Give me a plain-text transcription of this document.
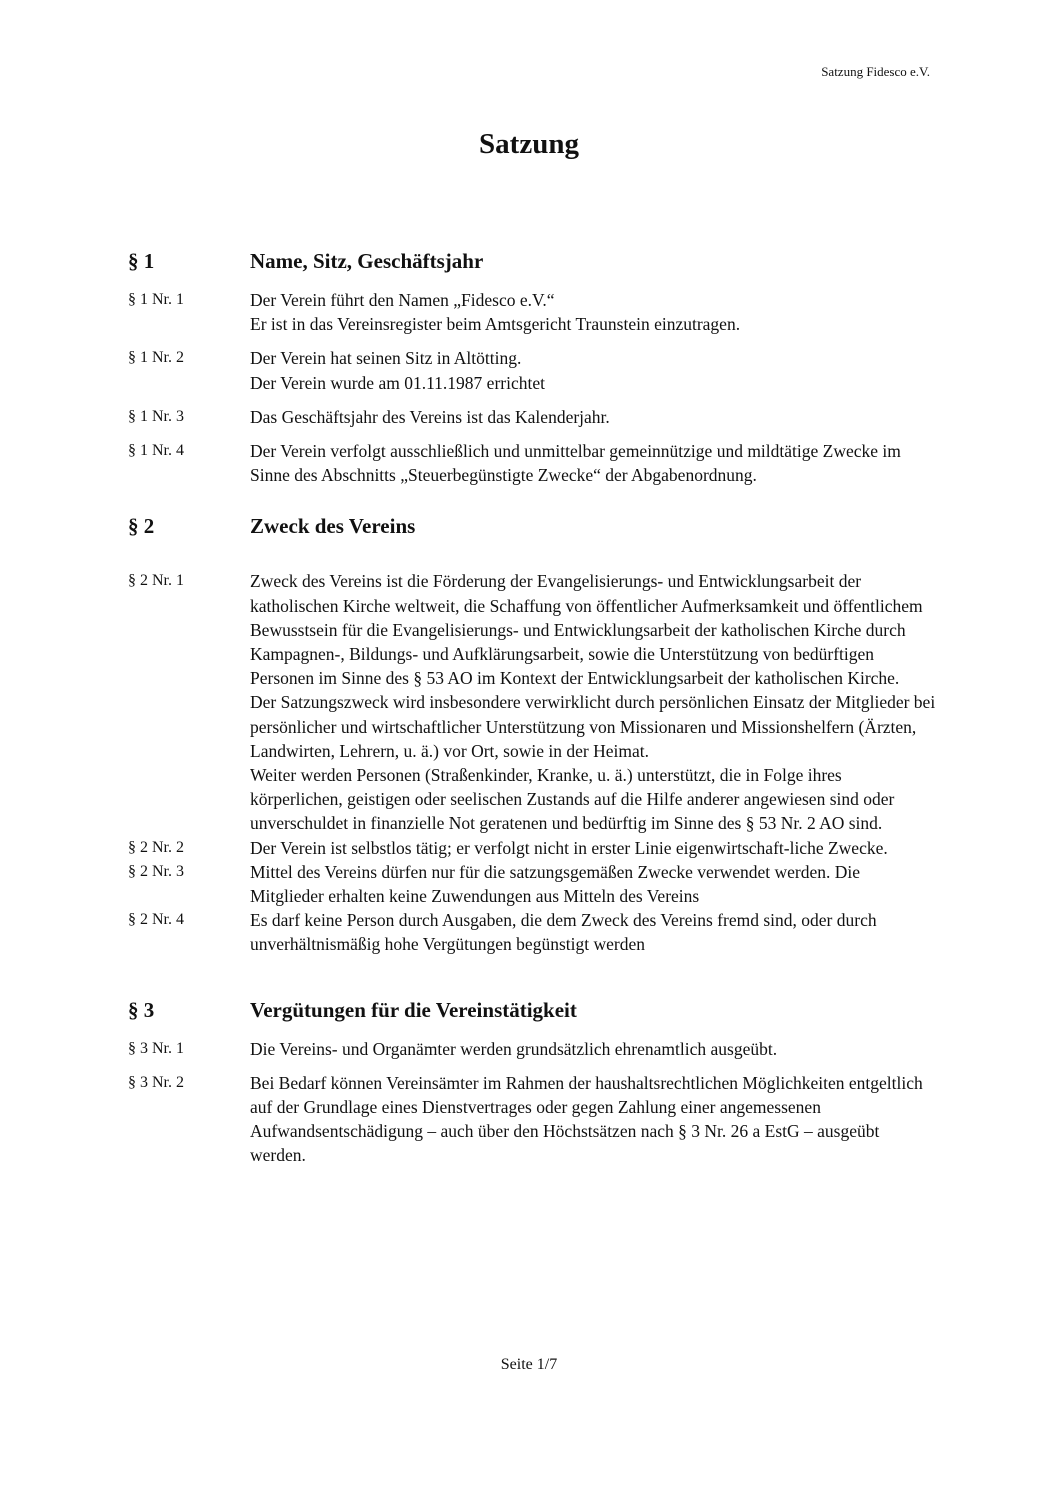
Satzung Fidesco e.V.
Satzung
§ 1	Name, Sitz, Geschäftsjahr
§ 1 Nr. 1	Der Verein führt den Namen „Fidesco e.V.“

Er ist in das Vereinsregister beim Amtsgericht Traunstein einzutragen.

§ 1 Nr. 2	Der Verein hat seinen Sitz in Altötting.

Der Verein wurde am 01.11.1987 errichtet

§ 1 Nr. 3	Das Geschäftsjahr des Vereins ist das Kalenderjahr.

§ 1 Nr. 4	Der Verein verfolgt ausschließlich und unmittelbar gemeinnützige und mildtätige Zwecke im Sinne des Abschnitts „Steuerbegünstigte Zwecke“ der Abgabenordnung.

§ 2	Zweck des Vereins
§ 2 Nr. 1	Zweck des Vereins ist die Förderung der Evangelisierungs- und Entwicklungsarbeit der katholischen Kirche weltweit, die Schaffung von öffentlicher Aufmerksamkeit und öffentlichem Bewusstsein für die Evangelisierungs- und Entwicklungsarbeit der katholischen Kirche durch Kampagnen-, Bildungs- und Aufklärungsarbeit, sowie die Unterstützung von bedürftigen Personen im Sinne des § 53 AO im Kontext der Entwicklungsarbeit der katholischen Kirche.

Der Satzungszweck wird insbesondere verwirklicht durch persönlichen Einsatz der Mitglieder bei persönlicher und wirtschaftlicher Unterstützung von Missionaren und Missionshelfern (Ärzten, Landwirten, Lehrern, u. ä.) vor Ort, sowie in der Heimat.

Weiter werden Personen (Straßenkinder, Kranke, u. ä.) unterstützt, die in Folge ihres körperlichen, geistigen oder seelischen Zustands auf die Hilfe anderer angewiesen sind oder unverschuldet in finanzielle Not geratenen und bedürftig im Sinne des § 53 Nr. 2 AO sind.

§ 2 Nr. 2	Der Verein ist selbstlos tätig; er verfolgt nicht in erster Linie eigenwirtschaft-liche Zwecke.

§ 2 Nr. 3	Mittel des Vereins dürfen nur für die satzungsgemäßen Zwecke verwendet werden. Die Mitglieder erhalten keine Zuwendungen aus Mitteln des Vereins

§ 2 Nr. 4	Es darf keine Person durch Ausgaben, die dem Zweck des Vereins fremd sind, oder durch unverhältnismäßig hohe Vergütungen begünstigt werden

§ 3	Vergütungen für die Vereinstätigkeit
§ 3 Nr. 1	Die Vereins- und Organämter werden grundsätzlich ehrenamtlich ausgeübt.

§ 3 Nr. 2	Bei Bedarf können Vereinsämter im Rahmen der haushaltsrechtlichen Möglichkeiten entgeltlich auf der Grundlage eines Dienstvertrages oder gegen Zahlung einer angemessenen Aufwandsentschädigung – auch über den Höchstsätzen nach § 3 Nr. 26 a EstG – ausgeübt werden.

Seite 1/7
